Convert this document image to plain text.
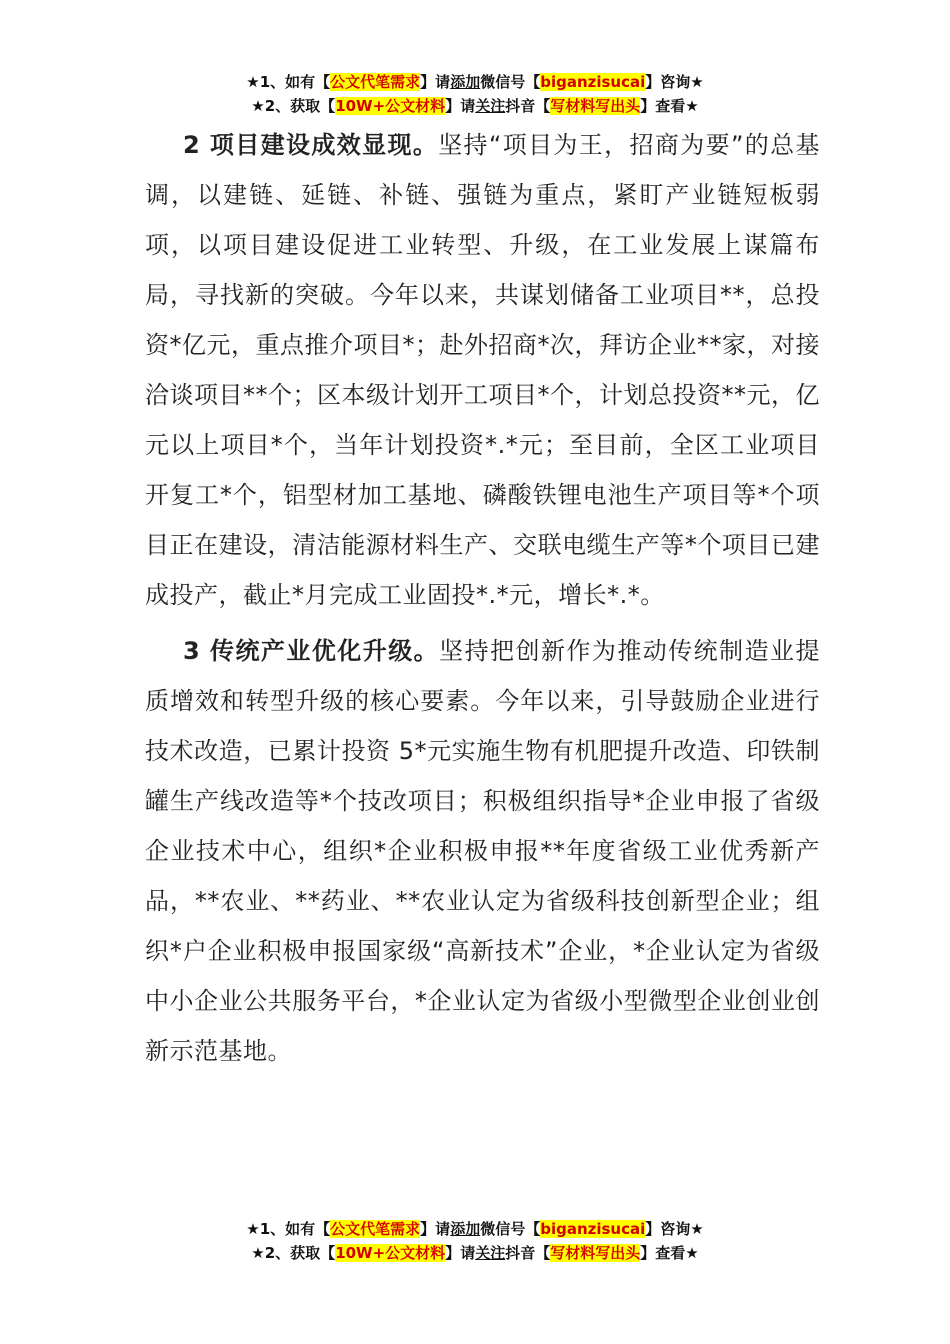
★1、如有【公文代笔需求】请添加微信号【biganzisucai】咨询★
★2、获取【10W+公文材料】请关注抖音【写材料写出头】查看★

2 项目建设成效显现。坚持“项目为王，招商为要”的总基调，以建链、延链、补链、强链为重点，紧盯产业链短板弱项，以项目建设促进工业转型、升级，在工业发展上谋篇布局，寻找新的突破。今年以来，共谋划储备工业项目**，总投资*亿元，重点推介项目*；赴外招商*次，拜访企业**家，对接洽谈项目**个；区本级计划开工项目*个，计划总投资**元，亿元以上项目*个，当年计划投资*.*元；至目前，全区工业项目开复工*个，铝型材加工基地、磷酸铁锂电池生产项目等*个项目正在建设，清洁能源材料生产、交联电缆生产等*个项目已建成投产，截止*月完成工业固投*.*元，增长*.*。

3 传统产业优化升级。坚持把创新作为推动传统制造业提质增效和转型升级的核心要素。今年以来，引导鼓励企业进行技术改造，已累计投资 5*元实施生物有机肥提升改造、印铁制罐生产线改造等*个技改项目；积极组织指导*企业申报了省级企业技术中心，组织*企业积极申报**年度省级工业优秀新产品，**农业、**药业、**农业认定为省级科技创新型企业；组织*户企业积极申报国家级“高新技术”企业，*企业认定为省级中小企业公共服务平台，*企业认定为省级小型微型企业创业创新示范基地。

★1、如有【公文代笔需求】请添加微信号【biganzisucai】咨询★
★2、获取【10W+公文材料】请关注抖音【写材料写出头】查看★
